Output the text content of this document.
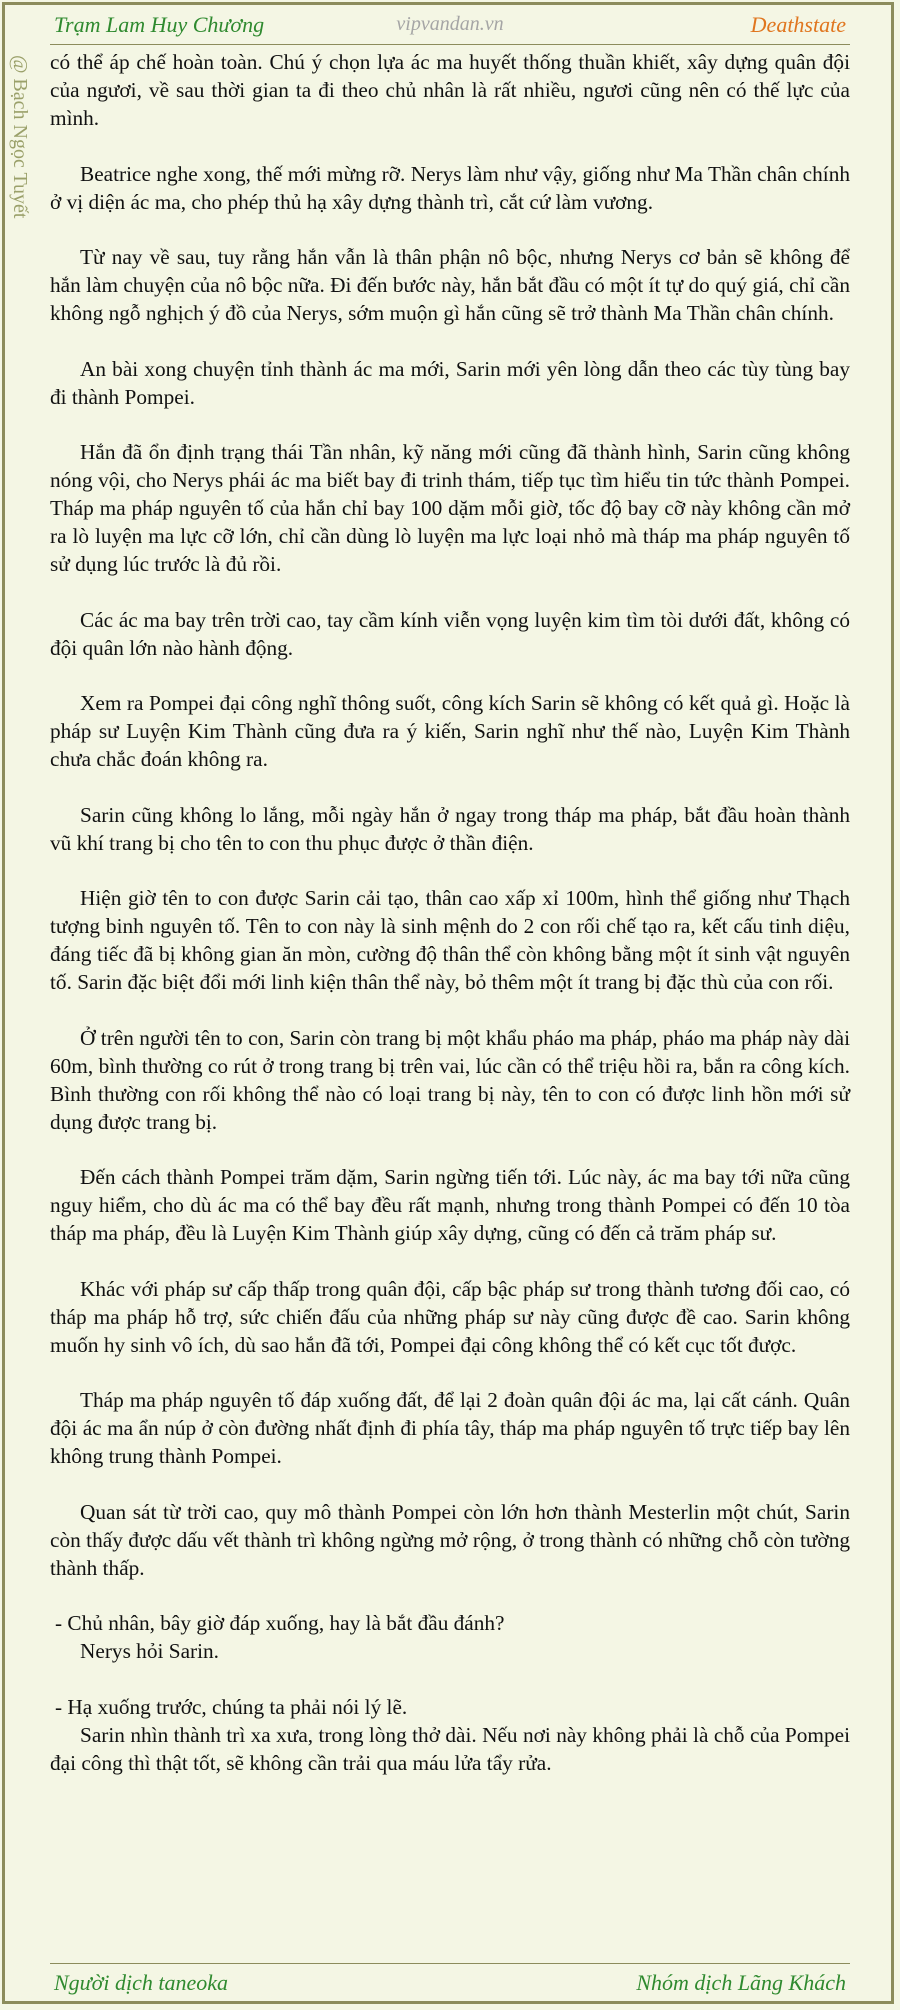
Trạm Lam Huy Chương	vipvandan.vn	Deathstate
@ Bạch Ngọc Tuyết có thể áp chế hoàn toàn. Chú ý chọn lựa ác ma huyết thống thuần khiết, xây dựng quân đội của ngươi, về sau thời gian ta đi theo chủ nhân là rất nhiều, ngươi cũng nên có thế lực của mình.

Beatrice nghe xong, thế mới mừng rỡ. Nerys làm như vậy, giống như Ma Thần chân chính ở vị diện ác ma, cho phép thủ hạ xây dựng thành trì, cắt cứ làm vương.

Từ nay về sau, tuy rằng hắn vẫn là thân phận nô bộc, nhưng Nerys cơ bản sẽ không để hắn làm chuyện của nô bộc nữa. Đi đến bước này, hắn bắt đầu có một ít tự do quý giá, chỉ cần không ngỗ nghịch ý đồ của Nerys, sớm muộn gì hắn cũng sẽ trở thành Ma Thần chân chính.

An bài xong chuyện tỉnh thành ác ma mới, Sarin mới yên lòng dẫn theo các tùy tùng bay đi thành Pompei.

Hắn đã ổn định trạng thái Tần nhân, kỹ năng mới cũng đã thành hình, Sarin cũng không nóng vội, cho Nerys phái ác ma biết bay đi trinh thám, tiếp tục tìm hiểu tin tức thành Pompei. Tháp ma pháp nguyên tố của hắn chỉ bay 100 dặm mỗi giờ, tốc độ bay cỡ này không cần mở ra lò luyện ma lực cỡ lớn, chỉ cần dùng lò luyện ma lực loại nhỏ mà tháp ma pháp nguyên tố sử dụng lúc trước là đủ rồi.

Các ác ma bay trên trời cao, tay cầm kính viễn vọng luyện kim tìm tòi dưới đất, không có đội quân lớn nào hành động.

Xem ra Pompei đại công nghĩ thông suốt, công kích Sarin sẽ không có kết quả gì. Hoặc là pháp sư Luyện Kim Thành cũng đưa ra ý kiến, Sarin nghĩ như thế nào, Luyện Kim Thành chưa chắc đoán không ra.

Sarin cũng không lo lắng, mỗi ngày hắn ở ngay trong tháp ma pháp, bắt đầu hoàn thành vũ khí trang bị cho tên to con thu phục được ở thần điện.

Hiện giờ tên to con được Sarin cải tạo, thân cao xấp xỉ 100m, hình thể giống như Thạch tượng binh nguyên tố. Tên to con này là sinh mệnh do 2 con rối chế tạo ra, kết cấu tinh diệu, đáng tiếc đã bị không gian ăn mòn, cường độ thân thể còn không bằng một ít sinh vật nguyên tố. Sarin đặc biệt đổi mới linh kiện thân thể này, bỏ thêm một ít trang bị đặc thù của con rối.

Ở trên người tên to con, Sarin còn trang bị một khẩu pháo ma pháp, pháo ma pháp này dài 60m, bình thường co rút ở trong trang bị trên vai, lúc cần có thể triệu hồi ra, bắn ra công kích. Bình thường con rối không thể nào có loại trang bị này, tên to con có được linh hồn mới sử dụng được trang bị.

Đến cách thành Pompei trăm dặm, Sarin ngừng tiến tới. Lúc này, ác ma bay tới nữa cũng nguy hiểm, cho dù ác ma có thể bay đều rất mạnh, nhưng trong thành Pompei có đến 10 tòa tháp ma pháp, đều là Luyện Kim Thành giúp xây dựng, cũng có đến cả trăm pháp sư.

Khác với pháp sư cấp thấp trong quân đội, cấp bậc pháp sư trong thành tương đối cao, có tháp ma pháp hỗ trợ, sức chiến đấu của những pháp sư này cũng được đề cao. Sarin không muốn hy sinh vô ích, dù sao hắn đã tới, Pompei đại công không thể có kết cục tốt được.

Tháp ma pháp nguyên tố đáp xuống đất, để lại 2 đoàn quân đội ác ma, lại cất cánh. Quân đội ác ma ẩn núp ở còn đường nhất định đi phía tây, tháp ma pháp nguyên tố trực tiếp bay lên không trung thành Pompei.

Quan sát từ trời cao, quy mô thành Pompei còn lớn hơn thành Mesterlin một chút, Sarin còn thấy được dấu vết thành trì không ngừng mở rộng, ở trong thành có những chỗ còn tường thành thấp.

- Chủ nhân, bây giờ đáp xuống, hay là bắt đầu đánh?

Nerys hỏi Sarin.

- Hạ xuống trước, chúng ta phải nói lý lẽ.

Sarin nhìn thành trì xa xưa, trong lòng thở dài. Nếu nơi này không phải là chỗ của Pompei đại công thì thật tốt, sẽ không cần trải qua máu lửa tẩy rửa.

Người dịch taneoka	Nhóm dịch Lãng Khách
